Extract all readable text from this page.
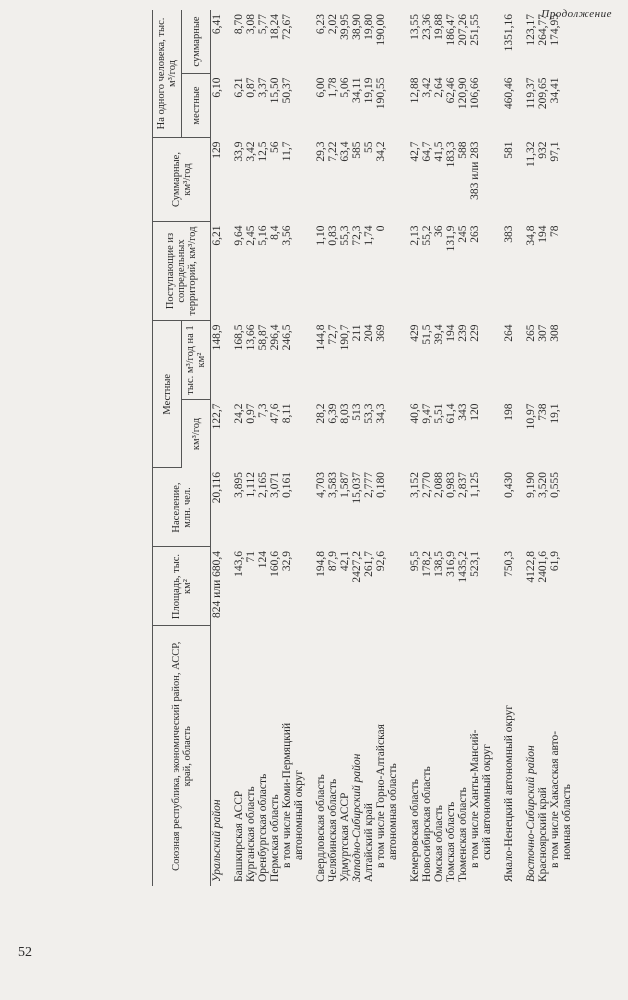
52
Продолжение
Союзная республика, экономический район, АССР, край, область	Площадь, тыс. км²	Население, млн. чел.	Местные		Поступающие из сопредельных территорий, км³/год	Суммарные, км³/год	На одного человека, тыс. м³/год	
			км³/год	тыс. м³/год на 1 км²			местные	суммарные
Уральский район	824 или 680,4	20,116	122,7	148,9	6,21	129	6,10	6,41

Башкирская АССР	143,6	3,895	24,2	168,5	9,64	33,9	6,21	8,70
Курганская область	71	1,112	0,97	13,66	2,45	3,42	0,87	3,08
Оренбургская область	124	2,165	7,3	58,87	5,16	12,5	3,37	5,77
Пермская область	160,6	3,071	47,6	296,4	8,4	56	15,50	18,24
в том числе Коми-Пермяцкий	32,9	0,161	8,11	246,5	3,56	11,7	50,37	72,67
автономный округ								

Свердловская область	194,8	4,703	28,2	144,8	1,10	29,3	6,00	6,23
Челябинская область	87,9	3,583	6,39	72,7	0,83	7,22	1,78	2,02
Удмуртская АССР	42,1	1,587	8,03	190,7	55,3	63,4	5,06	39,95
Западно-Сибирский район	2427,2	15,037	513	211	72,3	585	34,11	38,90
Алтайский край	261,7	2,777	53,3	204	1,74	55	19,19	19,80
в том числе Горно-Алтайская	92,6	0,180	34,3	369	0	34,2	190,55	190,00
автономная область								

Кемеровская область	95,5	3,152	40,6	429	2,13	42,7	12,88	13,55
Новосибирская область	178,2	2,770	9,47	51,5	55,2	64,7	3,42	23,36
Омская область	138,5	2,088	5,51	39,4	36	41,5	2,64	19,88
Томская область	316,9	0,983	61,4	194	131,9	183,3	62,46	186,47
Тюменская область	1435,2	2,837	343	239	245	588	120,90	207,26
в том числе Ханты-Мансий-	523,1	1,125	120	229	263	383 или 283	106,66	251,55
ский автономный округ								

Ямало-Ненецкий автономный округ	750,3	0,430	198	264	383	581	460,46	1351,16

Восточно-Сибирский район	4122,8	9,190	10,97	265	34,8	11,32	119,37	123,17
Красноярский край	2401,6	3,520	738	307	194	932	209,65	264,77
в том числе Хакасская авто-	61,9	0,555	19,1	308	78	97,1	34,41	174,95
номная область								
